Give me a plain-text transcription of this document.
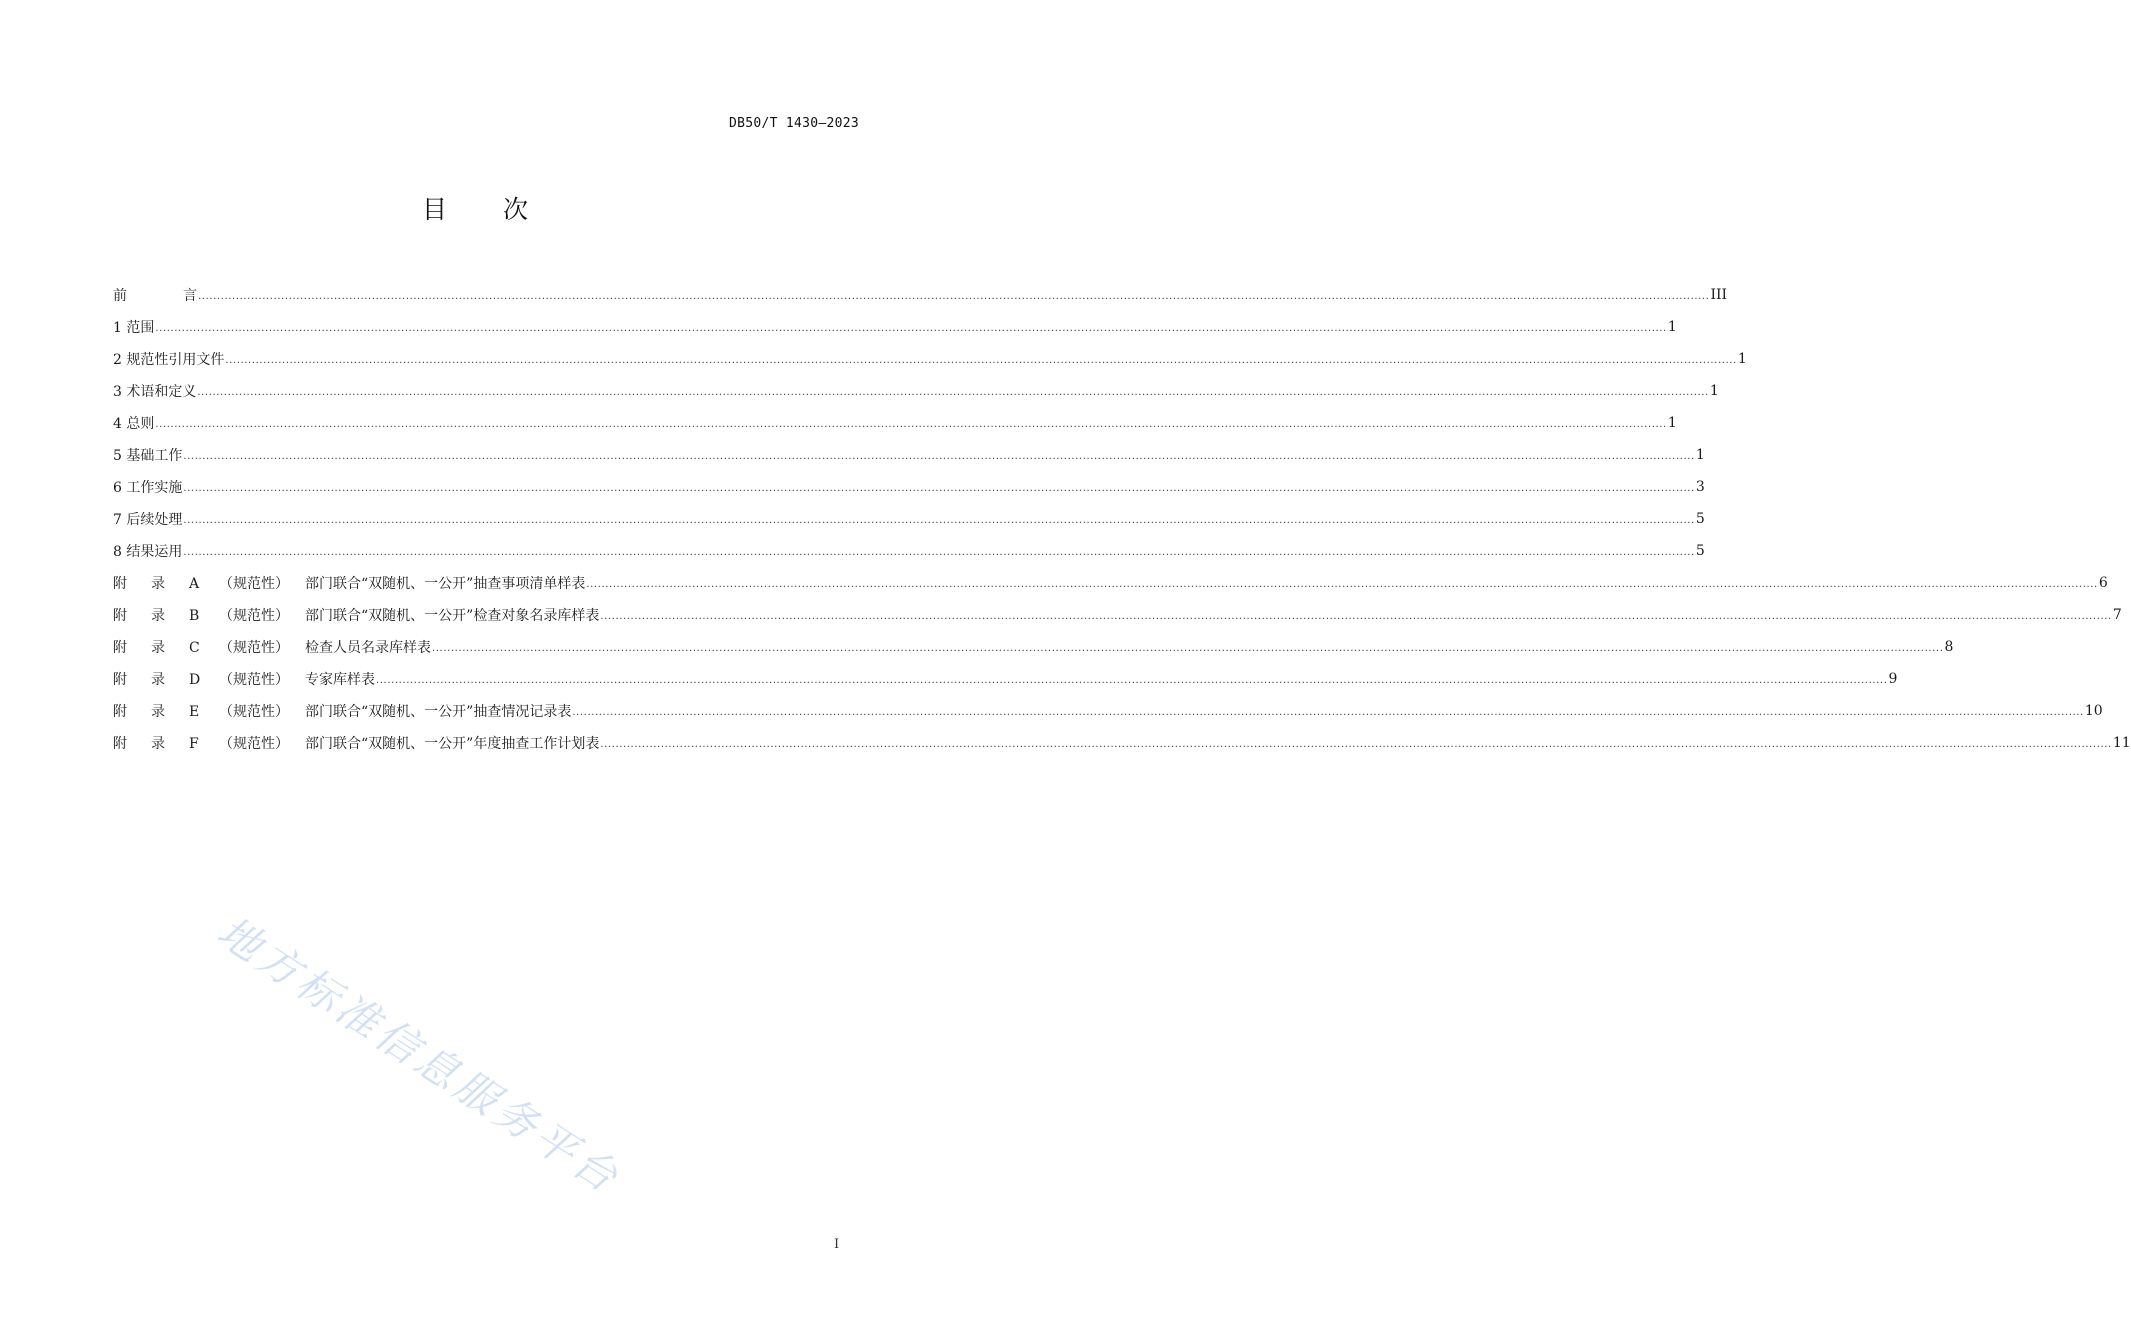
DB50/T 1430—2023
目 次
前	言 ................................................................................................................................................................................................................................................................................................................................................................................................................ III
1 范围 ................................................................................................................................................................................................................................................................................................................................................................................................................ 1
2 规范性引用文件 ................................................................................................................................................................................................................................................................................................................................................................................................................ 1
3 术语和定义 ................................................................................................................................................................................................................................................................................................................................................................................................................ 1
4 总则 ................................................................................................................................................................................................................................................................................................................................................................................................................ 1
5 基础工作 ................................................................................................................................................................................................................................................................................................................................................................................................................ 1
6 工作实施 ................................................................................................................................................................................................................................................................................................................................................................................................................ 3
7 后续处理 ................................................................................................................................................................................................................................................................................................................................................................................................................ 5
8 结果运用 ................................................................................................................................................................................................................................................................................................................................................................................................................ 5
附 录 A （规范性） 部门联合“双随机、一公开”抽查事项清单样表 ................................................................................................................................................................................................................................................................................................................................................................................................................ 6
附 录 B （规范性） 部门联合“双随机、一公开”检查对象名录库样表 ................................................................................................................................................................................................................................................................................................................................................................................................................ 7
附 录 C （规范性） 检查人员名录库样表 ................................................................................................................................................................................................................................................................................................................................................................................................................ 8
附 录 D （规范性） 专家库样表 ................................................................................................................................................................................................................................................................................................................................................................................................................ 9
附 录 E （规范性） 部门联合“双随机、一公开”抽查情况记录表 ................................................................................................................................................................................................................................................................................................................................................................................................................ 10
附 录 F （规范性） 部门联合“双随机、一公开”年度抽查工作计划表 ................................................................................................................................................................................................................................................................................................................................................................................................................ 11
地方标准信息服务平台
I
